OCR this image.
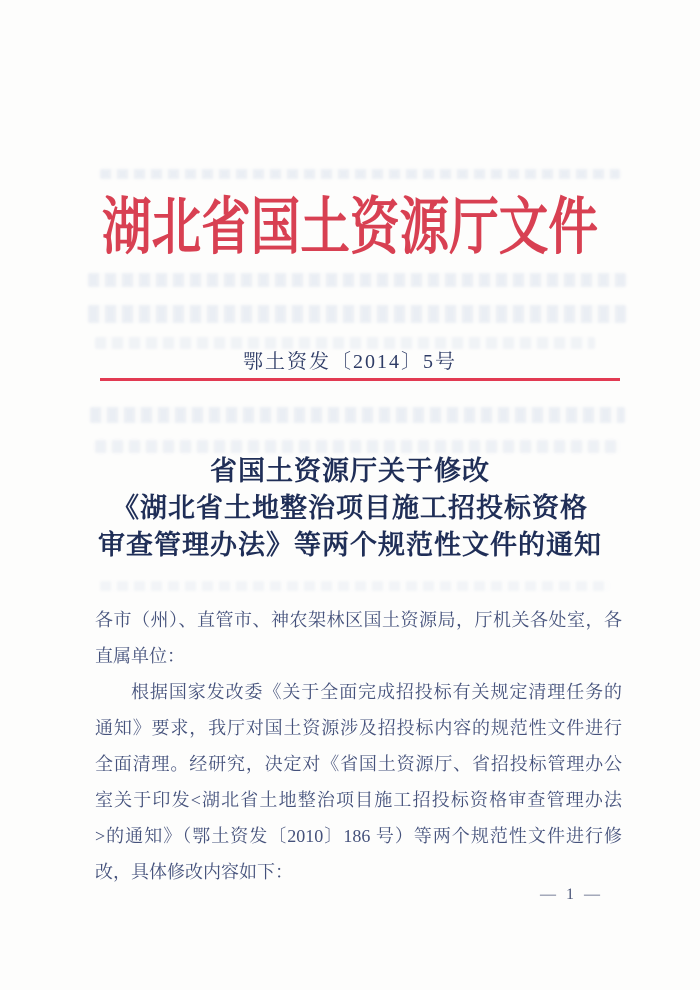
湖北省国土资源厅文件
鄂土资发〔2014〕5号
省国土资源厅关于修改
《湖北省土地整治项目施工招投标资格
审查管理办法》等两个规范性文件的通知
各市（州）、直管市、神农架林区国土资源局，厅机关各处室，各
直属单位：
根据国家发改委《关于全面完成招投标有关规定清理任务的
通知》要求，我厅对国土资源涉及招投标内容的规范性文件进行
全面清理。经研究，决定对《省国土资源厅、省招投标管理办公
室关于印发<湖北省土地整治项目施工招投标资格审查管理办法
>的通知》（鄂土资发〔2010〕186 号）等两个规范性文件进行修
改，具体修改内容如下：
— 1 —
